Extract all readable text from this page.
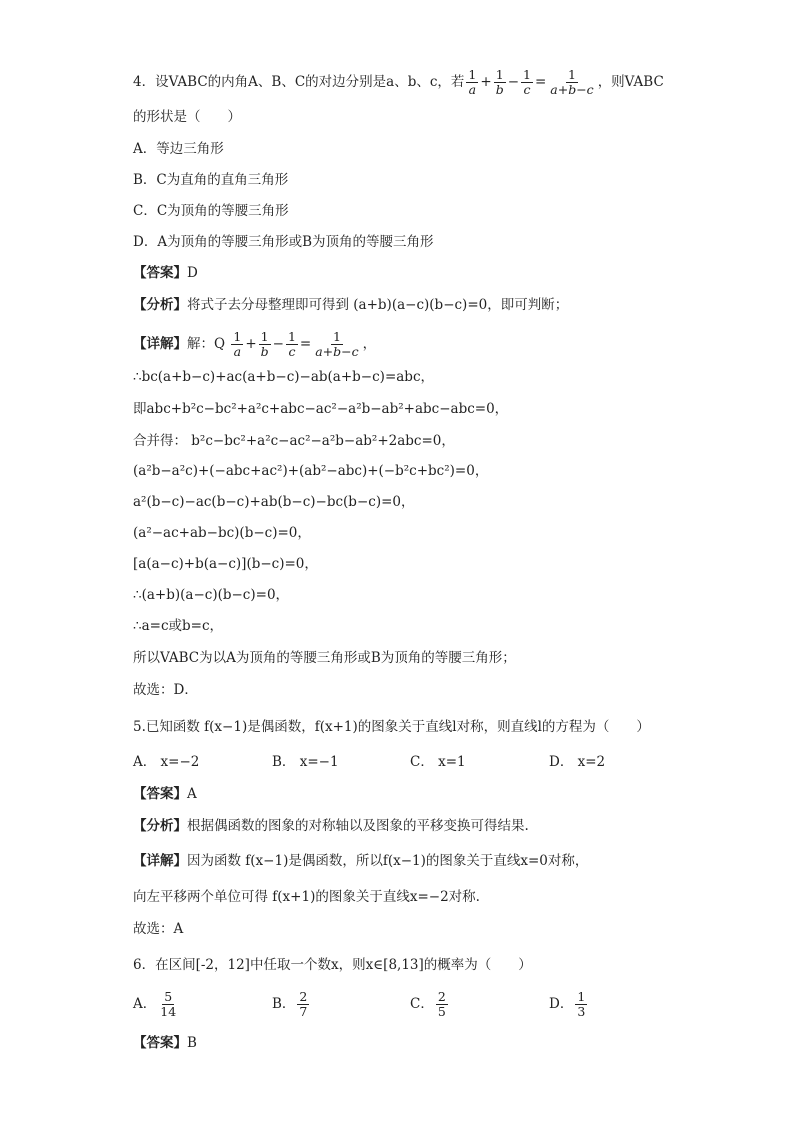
4．设VABC的内角A、B、C的对边分别是a、b、c，若 $\frac{1}{a} + \frac{1}{b} - \frac{1}{c} = \frac{1}{a+b-c}$ ，则VABC
的形状是（　　）
A．等边三角形
B．C为直角的直角三角形
C．C为顶角的等腰三角形
D．A为顶角的等腰三角形或B为顶角的等腰三角形
【答案】D
【分析】将式子去分母整理即可得到 (a+b)(a−c)(b−c)=0，即可判断；
【详解】解：Q $\frac{1}{a} + \frac{1}{b} - \frac{1}{c} = \frac{1}{a+b-c}$ ，
∴bc(a+b−c)+ac(a+b−c)−ab(a+b−c)=abc，
即abc+b²c−bc²+a²c+abc−ac²−a²b−ab²+abc−abc=0，
合并得： b²c−bc²+a²c−ac²−a²b−ab²+2abc=0，
(a²b−a²c)+(−abc+ac²)+(ab²−abc)+(−b²c+bc²)=0，
a²(b−c)−ac(b−c)+ab(b−c)−bc(b−c)=0，
(a²−ac+ab−bc)(b−c)=0，
[a(a−c)+b(a−c)](b−c)=0，
∴(a+b)(a−c)(b−c)=0，
∴a=c或b=c，
所以VABC为以A为顶角的等腰三角形或B为顶角的等腰三角形；
故选：D．
5.已知函数 f(x−1)是偶函数，f(x+1)的图象关于直线l对称，则直线l的方程为（　　）
A． x=−2	B． x=−1	C． x=1	D． x=2
【答案】A
【分析】根据偶函数的图象的对称轴以及图象的平移变换可得结果.
【详解】因为函数 f(x−1)是偶函数，所以f(x−1)的图象关于直线x=0对称，
向左平移两个单位可得 f(x+1)的图象关于直线x=−2对称.
故选：A
6．在区间[-2，12]中任取一个数x，则x∈[8,13]的概率为（　　）
A． $\frac{5}{14}$	B． $\frac{2}{7}$	C． $\frac{2}{5}$	D． $\frac{1}{3}$
【答案】B
